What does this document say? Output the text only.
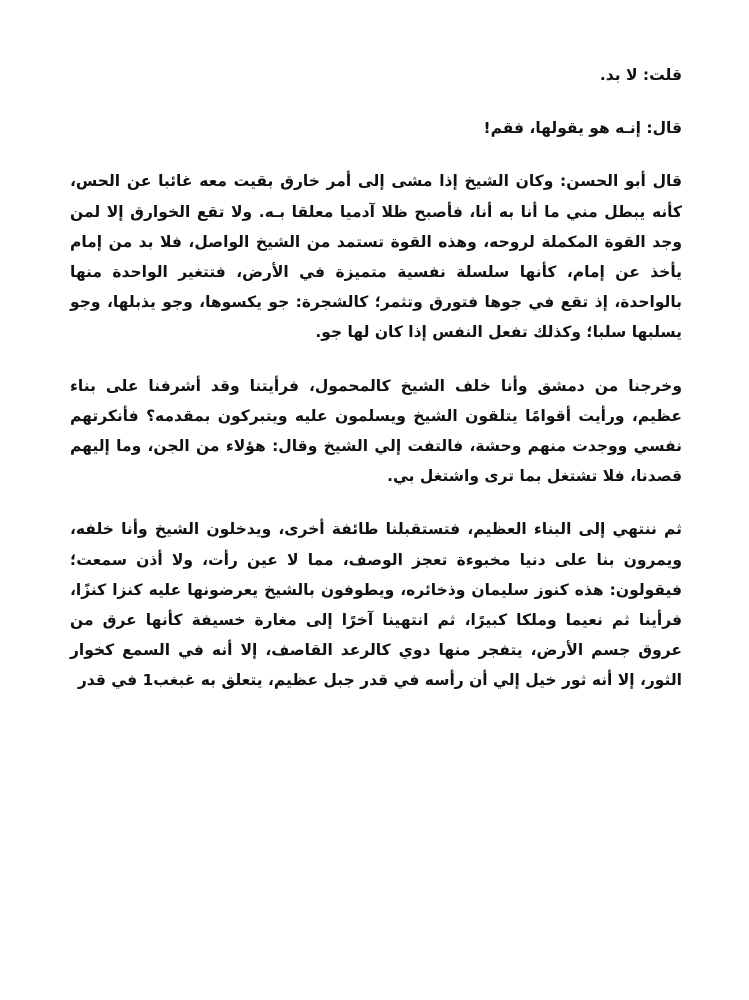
قلت: لا بد.

قال: إنـه هو يقولها، فقم!

قال أبو الحسن: وكان الشيخ إذا مشى إلى أمر خارق بقيت معه غائبا عن الحس، كأنه يبطل مني ما أنا به أنا، فأصبح ظلا آدميا معلقا بـه. ولا تقع الخوارق إلا لمن وجد القوة المكملة لروحه، وهذه القوة تستمد من الشيخ الواصل، فلا بد من إمام يأخذ عن إمام، كأنها سلسلة نفسية متميزة في الأرض، فتتغير الواحدة منها بالواحدة، إذ تقع في جوها فتورق وتثمر؛ كالشجرة: جو يكسوها، وجو يذبلها، وجو يسلبها سلبا؛ وكذلك تفعل النفس إذا كان لها جو.

وخرجنا من دمشق وأنا خلف الشيخ كالمحمول، فرأيتنا وقد أشرفنا على بناء عظيم، ورأيت أقوامًا يتلقون الشيخ ويسلمون عليه ويتبركون بمقدمه؟ فأنكرتهم نفسي ووجدت منهم وحشة، فالتفت إلي الشيخ وقال: هؤلاء من الجن، وما إليهم قصدنا، فلا تشتغل بما ترى واشتغل بي.

ثم ننتهي إلى البناء العظيم، فتستقبلنا طائفة أخرى، ويدخلون الشيخ وأنا خلفه، ويمرون بنا على دنيا مخبوءة تعجز الوصف، مما لا عين رأت، ولا أذن سمعت؛ فيقولون: هذه كنوز سليمان وذخائره، ويطوفون بالشيخ يعرضونها عليه كنزا كنزًا، فرأينا ثم نعيما وملكا كبيرًا، ثم انتهينا آخرًا إلى مغارة خسيفة كأنها عرق من عروق جسم الأرض، يتفجر منها دوي كالرعد القاصف، إلا أنه في السمع كخوار الثور، إلا أنه ثور خيل إلي أن رأسه في قدر جبل عظيم، يتعلق به غبغب1 في قدر
